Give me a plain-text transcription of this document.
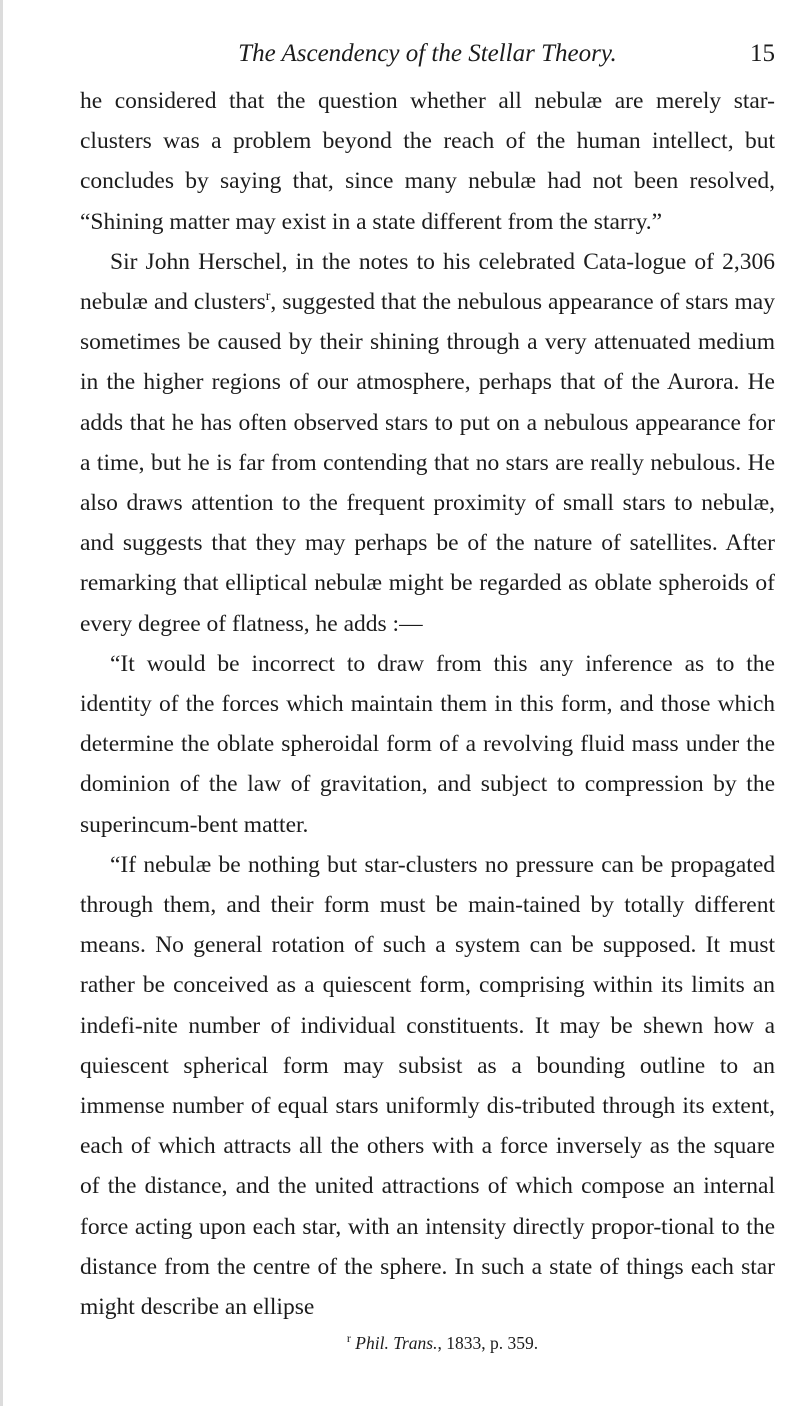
The Ascendency of the Stellar Theory.	15

he considered that the question whether all nebulæ are merely star-clusters was a problem beyond the reach of the human intellect, but concludes by saying that, since many nebulæ had not been resolved, “Shining matter may exist in a state different from the starry.”

Sir John Herschel, in the notes to his celebrated Cata-logue of 2,306 nebulæ and clusters$^r$, suggested that the nebulous appearance of stars may sometimes be caused by their shining through a very attenuated medium in the higher regions of our atmosphere, perhaps that of the Aurora. He adds that he has often observed stars to put on a nebulous appearance for a time, but he is far from contending that no stars are really nebulous. He also draws attention to the frequent proximity of small stars to nebulæ, and suggests that they may perhaps be of the nature of satellites. After remarking that elliptical nebulæ might be regarded as oblate spheroids of every degree of flatness, he adds :—

“It would be incorrect to draw from this any inference as to the identity of the forces which maintain them in this form, and those which determine the oblate spheroidal form of a revolving fluid mass under the dominion of the law of gravitation, and subject to compression by the superincum-bent matter.

“If nebulæ be nothing but star-clusters no pressure can be propagated through them, and their form must be main-tained by totally different means. No general rotation of such a system can be supposed. It must rather be conceived as a quiescent form, comprising within its limits an indefi-nite number of individual constituents. It may be shewn how a quiescent spherical form may subsist as a bounding outline to an immense number of equal stars uniformly dis-tributed through its extent, each of which attracts all the others with a force inversely as the square of the distance, and the united attractions of which compose an internal force acting upon each star, with an intensity directly propor-tional to the distance from the centre of the sphere. In such a state of things each star might describe an ellipse

$^r$ Phil. Trans., 1833, p. 359.
